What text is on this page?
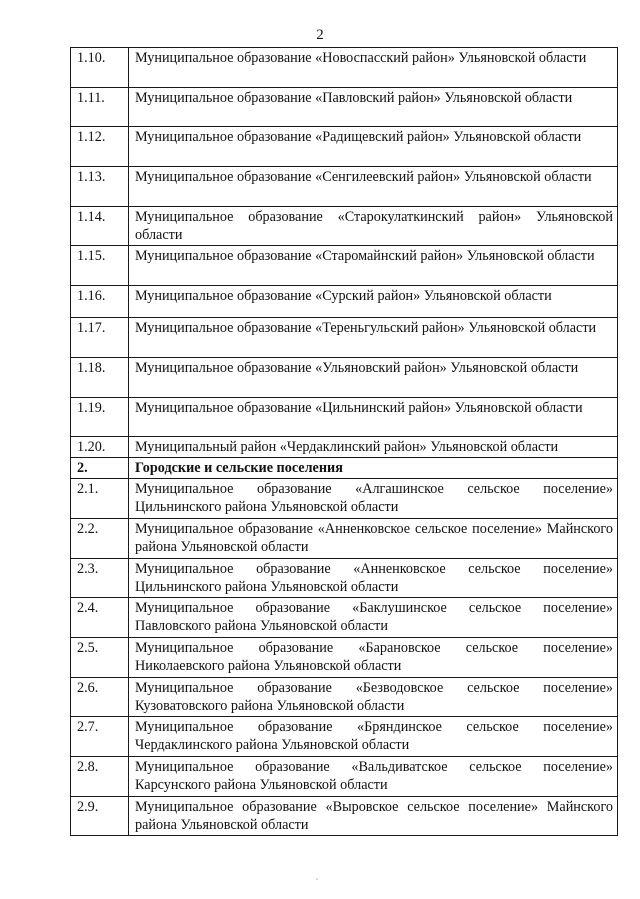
2
1.10.	Муниципальное образование «Новоспасский район» Ульяновской области
1.11.	Муниципальное образование «Павловский район» Ульяновской области
1.12.	Муниципальное образование «Радищевский район» Ульяновской области
1.13.	Муниципальное образование «Сенгилеевский район» Ульяновской области
1.14.	Муниципальное образование «Старокулаткинский район» Ульяновской области
1.15.	Муниципальное образование «Старомайнский район» Ульяновской области
1.16.	Муниципальное образование «Сурский район» Ульяновской области
1.17.	Муниципальное образование «Тереньгульский район» Ульяновской области
1.18.	Муниципальное образование «Ульяновский район» Ульяновской области
1.19.	Муниципальное образование «Цильнинский район» Ульяновской области
1.20.	Муниципальный район «Чердаклинский район» Ульяновской области
2.	Городские и сельские поселения
2.1.	Муниципальное образование «Алгашинское сельское поселение» Цильнинского района Ульяновской области
2.2.	Муниципальное образование «Анненковское сельское поселение» Майнского района Ульяновской области
2.3.	Муниципальное образование «Анненковское сельское поселение» Цильнинского района Ульяновской области
2.4.	Муниципальное образование «Баклушинское сельское поселение» Павловского района Ульяновской области
2.5.	Муниципальное образование «Барановское сельское поселение» Николаевского района Ульяновской области
2.6.	Муниципальное образование «Безводовское сельское поселение» Кузоватовского района Ульяновской области
2.7.	Муниципальное образование «Бряндинское сельское поселение» Чердаклинского района Ульяновской области
2.8.	Муниципальное образование «Вальдиватское сельское поселение» Карсунского района Ульяновской области
2.9.	Муниципальное образование «Выровское сельское поселение» Майнского района Ульяновской области
